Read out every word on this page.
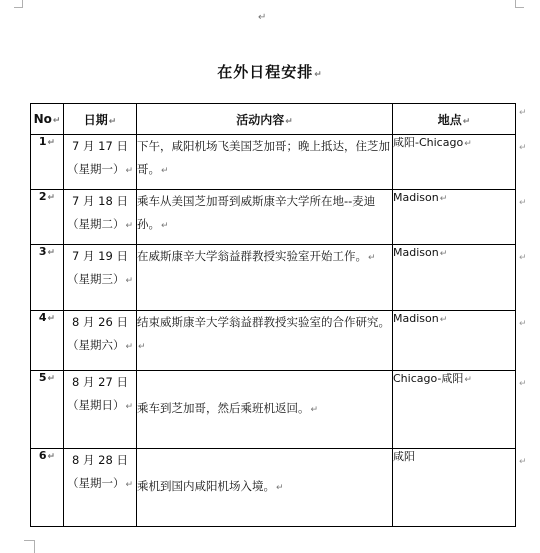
↵
在外日程安排↵
No↵	日期↵	活动内容↵	地点↵
1↵	7 月 17 日
（星期一）↵	下午，咸阳机场飞美国芝加哥；晚上抵达，住芝加哥。↵	咸阳-Chicago↵
2↵	7 月 18 日
（星期二）↵	乘车从美国芝加哥到威斯康辛大学所在地--麦迪孙。↵	Madison↵
3↵	7 月 19 日
（星期三）↵	在威斯康辛大学翁益群教授实验室开始工作。↵	Madison↵
4↵	8 月 26 日
（星期六）↵	结束威斯康辛大学翁益群教授实验室的合作研究。↵	Madison↵
5↵	8 月 27 日
（星期日）↵	乘车到芝加哥，然后乘班机返回。↵	Chicago-咸阳↵
6↵	8 月 28 日
（星期一）↵	乘机到国内咸阳机场入境。↵	咸阳
↵
↵
↵
↵
↵
↵
↵
